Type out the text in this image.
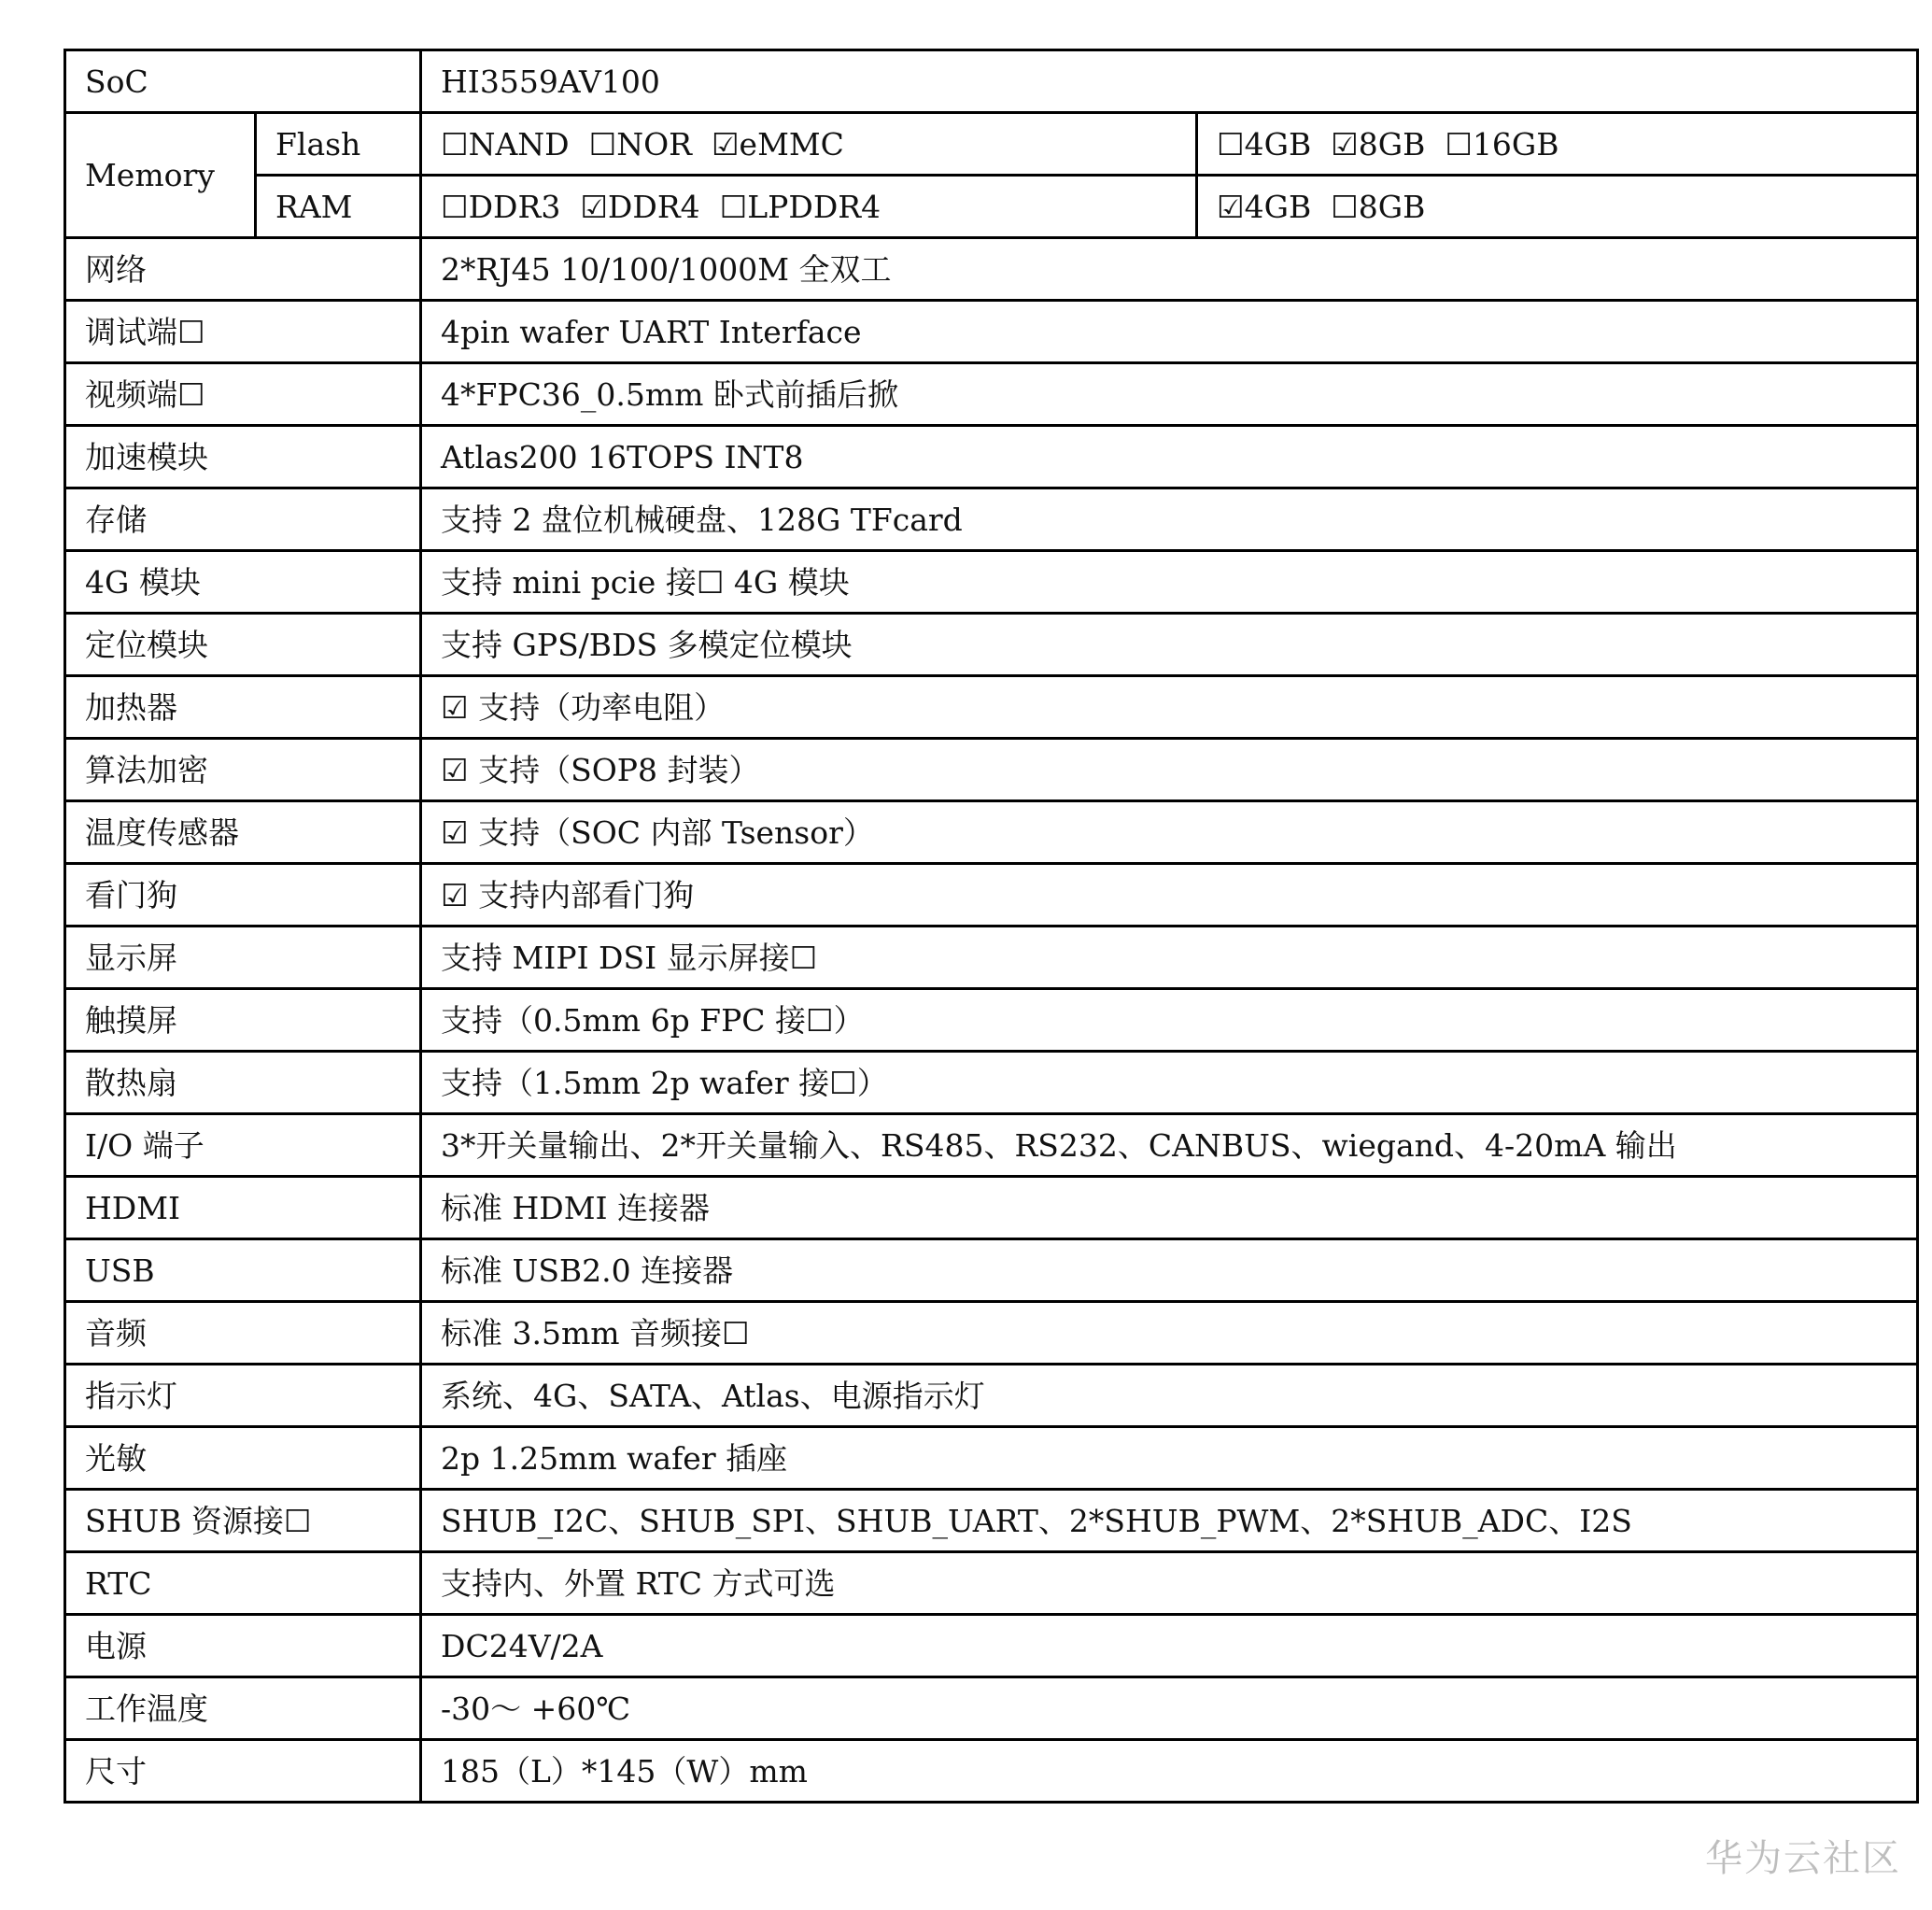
SoC		HI3559AV100	
Memory	Flash	☐NAND  ☐NOR  ☑eMMC	☐4GB  ☑8GB  ☐16GB
	RAM	☐DDR3  ☑DDR4  ☐LPDDR4	☑4GB  ☐8GB
网络		2*RJ45 10/100/1000M 全双工	
调试端☐		4pin wafer UART Interface	
视频端☐		4*FPC36_0.5mm 卧式前插后掀	
加速模块		Atlas200 16TOPS INT8	
存储		支持 2 盘位机械硬盘、128G TFcard	
4G 模块		支持 mini pcie 接☐ 4G 模块	
定位模块		支持 GPS/BDS 多模定位模块	
加热器		☑ 支持（功率电阻）	
算法加密		☑ 支持（SOP8 封装）	
温度传感器		☑ 支持（SOC 内部 Tsensor）	
看门狗		☑ 支持内部看门狗	
显示屏		支持 MIPI DSI 显示屏接☐	
触摸屏		支持（0.5mm 6p FPC 接☐）	
散热扇		支持（1.5mm 2p wafer 接☐）	
I/O 端子		3*开关量输出、2*开关量输入、RS485、RS232、CANBUS、wiegand、4-20mA 输出	
HDMI		标准 HDMI 连接器	
USB		标准 USB2.0 连接器	
音频		标准 3.5mm 音频接☐	
指示灯		系统、4G、SATA、Atlas、电源指示灯	
光敏		2p 1.25mm wafer 插座	
SHUB 资源接☐		SHUB_I2C、SHUB_SPI、SHUB_UART、2*SHUB_PWM、2*SHUB_ADC、I2S	
RTC		支持内、外置 RTC 方式可选	
电源		DC24V/2A	
工作温度		-30～ +60℃	
尺寸		185（L）*145（W）mm	
华为云社区
